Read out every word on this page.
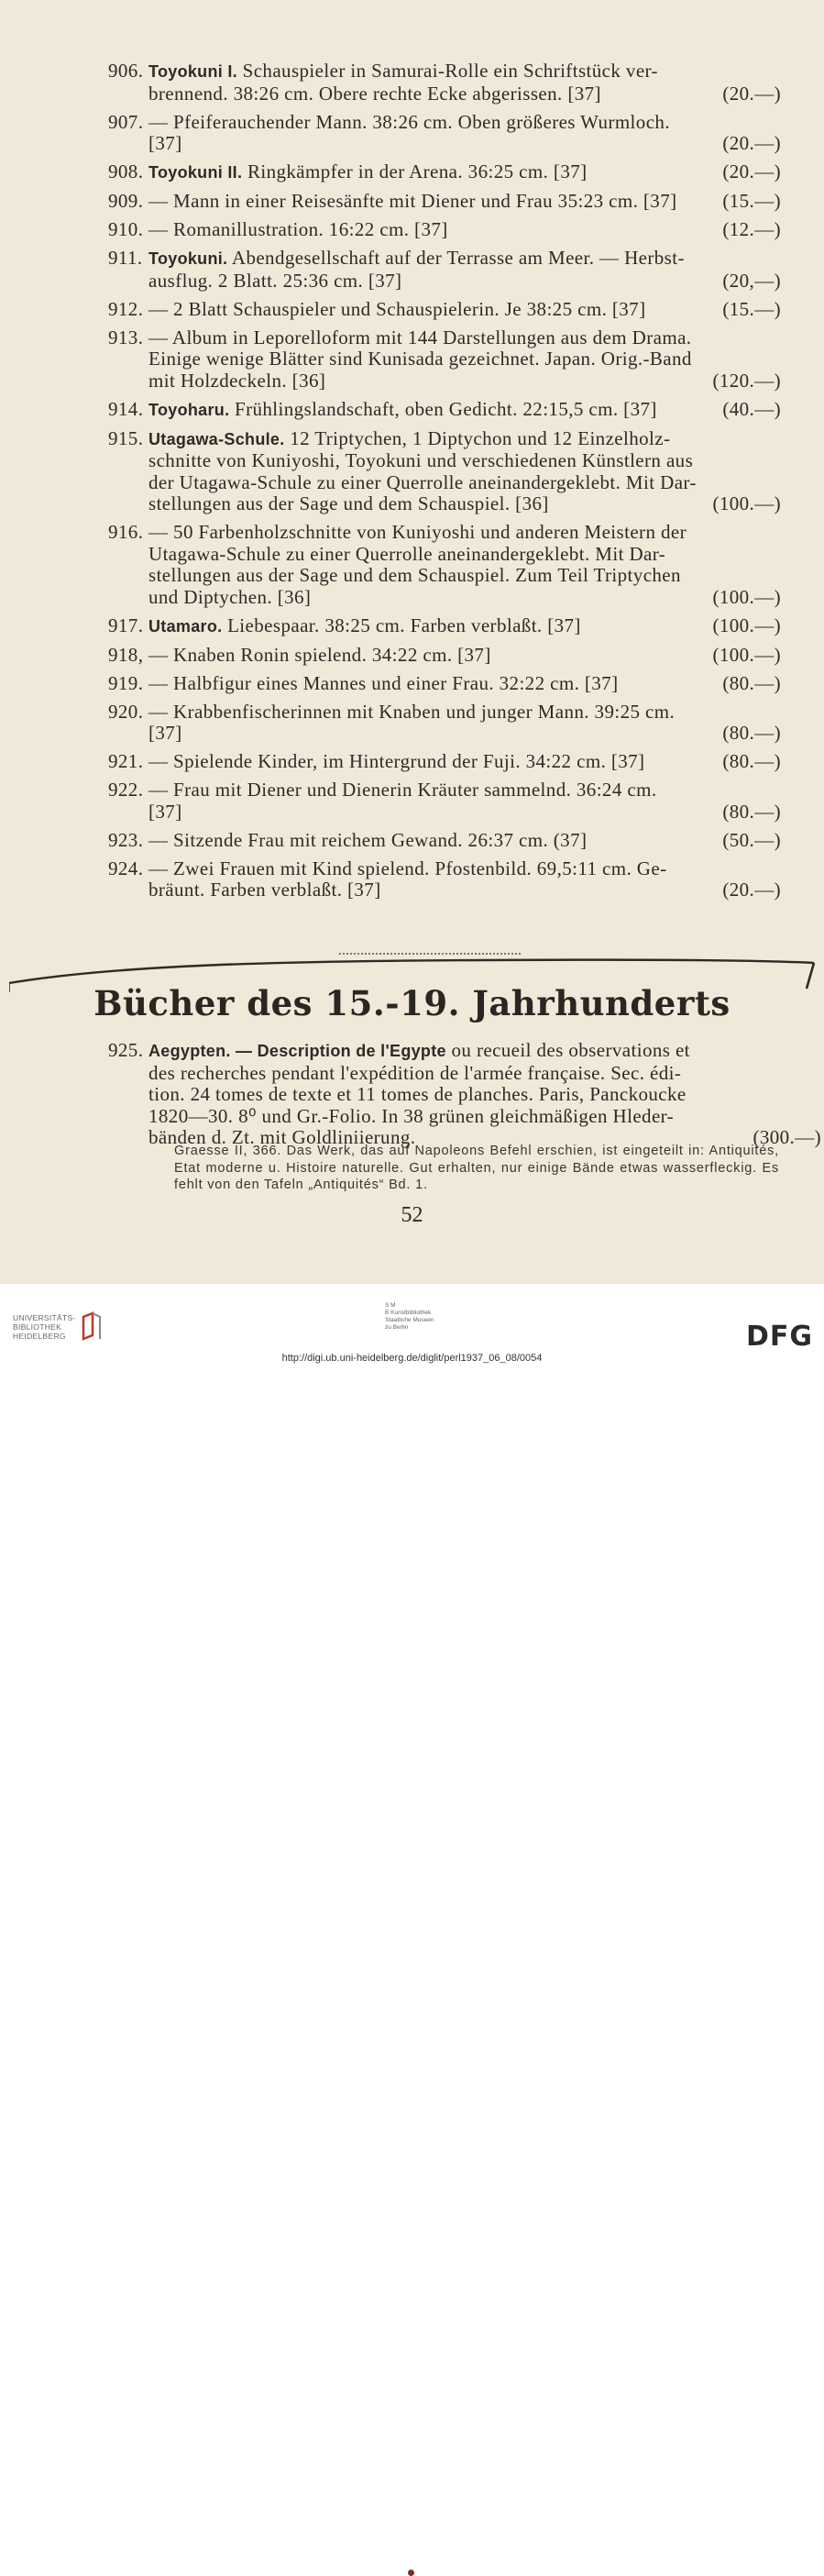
906. Toyokuni I. Schauspieler in Samurai-Rolle ein Schriftstück ver-
brennend. 38:26 cm. Obere rechte Ecke abgerissen. [37]	(20.—)
907. — Pfeiferauchender Mann. 38:26 cm. Oben größeres Wurmloch.
[37]	(20.—)
908. Toyokuni II. Ringkämpfer in der Arena. 36:25 cm. [37]	(20.—)
909. — Mann in einer Reisesänfte mit Diener und Frau 35:23 cm. [37] (15.—)
910. — Romanillustration. 16:22 cm. [37]	(12.—)
911. Toyokuni. Abendgesellschaft auf der Terrasse am Meer. — Herbst-
ausflug. 2 Blatt. 25:36 cm. [37]	(20,—)
912. — 2 Blatt Schauspieler und Schauspielerin. Je 38:25 cm. [37]	(15.—)
913. — Album in Leporelloform mit 144 Darstellungen aus dem Drama.
Einige wenige Blätter sind Kunisada gezeichnet. Japan. Orig.-Band
mit Holzdeckeln. [36]	(120.—)
914. Toyoharu. Frühlingslandschaft, oben Gedicht. 22:15,5 cm. [37]	(40.—)
915. Utagawa-Schule. 12 Triptychen, 1 Diptychon und 12 Einzelholz-
schnitte von Kuniyoshi, Toyokuni und verschiedenen Künstlern aus
der Utagawa-Schule zu einer Querrolle aneinandergeklebt. Mit Dar-
stellungen aus der Sage und dem Schauspiel. [36]	(100.—)
916. — 50 Farbenholzschnitte von Kuniyoshi und anderen Meistern der
Utagawa-Schule zu einer Querrolle aneinandergeklebt. Mit Dar-
stellungen aus der Sage und dem Schauspiel. Zum Teil Triptychen
und Diptychen. [36]	(100.—)
917. Utamaro. Liebespaar. 38:25 cm. Farben verblaßt. [37]	(100.—)
918, — Knaben Ronin spielend. 34:22 cm. [37]	(100.—)
919. — Halbfigur eines Mannes und einer Frau. 32:22 cm. [37]	(80.—)
920. — Krabbenfischerinnen mit Knaben und junger Mann. 39:25 cm.
[37]	(80.—)
921. — Spielende Kinder, im Hintergrund der Fuji. 34:22 cm. [37]	(80.—)
922. — Frau mit Diener und Dienerin Kräuter sammelnd. 36:24 cm.
[37]	(80.—)
923. — Sitzende Frau mit reichem Gewand. 26:37 cm. (37]	(50.—)
924. — Zwei Frauen mit Kind spielend. Pfostenbild. 69,5:11 cm. Ge-
bräunt. Farben verblaßt. [37]	(20.—)
Bücher des 15.-19. Jahrhunderts
925. Aegypten. — Description de l'Egypte ou recueil des observations et
des recherches pendant l'expédition de l'armée française. Sec. édi-
tion. 24 tomes de texte et 11 tomes de planches. Paris, Panckoucke
1820—30. 8⁰ und Gr.-Folio. In 38 grünen gleichmäßigen Hleder-
bänden d. Zt. mit Goldliniierung.	(300.—)
Graesse II, 366. Das Werk, das auf Napoleons Befehl erschien, ist eingeteilt in: Antiquités, Etat moderne u. Histoire naturelle. Gut erhalten, nur einige Bände etwas wasserfleckig. Es fehlt von den Tafeln „Antiquités“ Bd. 1.
52
UNIVERSITÄTS-
BIBLIOTHEK
HEIDELBERG
S M
B Kunstbibliothek
Staatliche Museen
zu Berlin	DFG
http://digi.ub.uni-heidelberg.de/diglit/perl1937_06_08/0054
